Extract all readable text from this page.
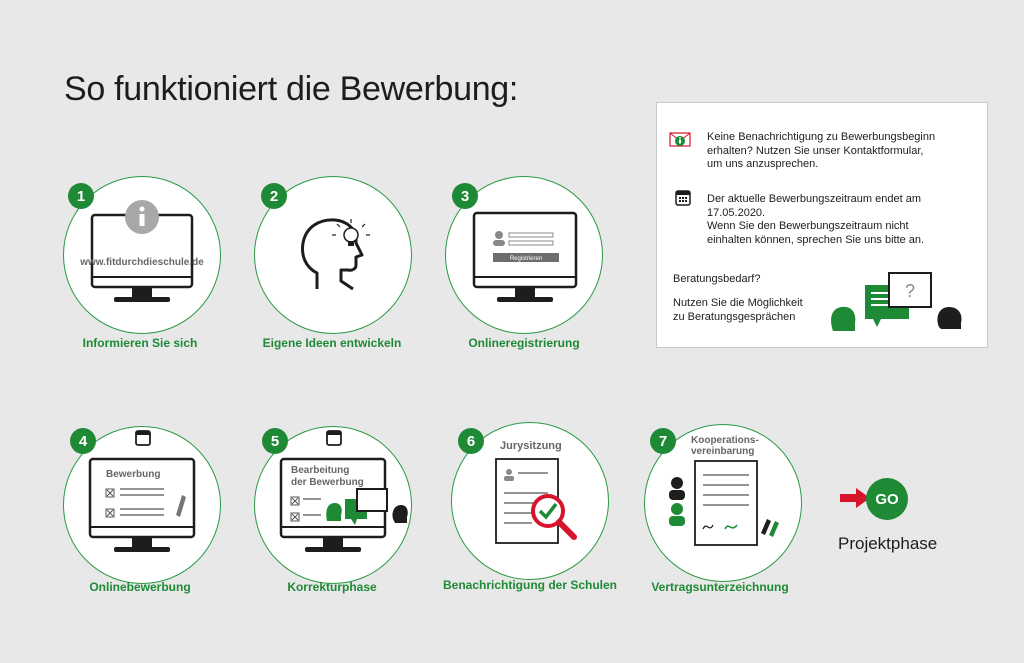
So funktioniert die Bewerbung:
www.fitdurchdieschule.de
1
Informieren Sie sich
2
Eigene Ideen entwickeln
Registrieren
3
Onlineregistrierung
Bewerbung
4
Onlinebewerbung
Bearbeitung
der Bewerbung
5
Korrekturphase
Jurysitzung
6
Benachrichtigung der Schulen
Kooperations-
vereinbarung
7
Vertragsunterzeichnung
Keine Benachrichtigung zu Bewerbungsbeginn
erhalten? Nutzen Sie unser Kontaktformular,
um uns anzusprechen.
Der aktuelle Bewerbungszeitraum endet am
17.05.2020.
Wenn Sie den Bewerbungszeitraum nicht
einhalten können, sprechen Sie uns bitte an.
Beratungsbedarf?
Nutzen Sie die Möglichkeit
zu Beratungsgesprächen
?
GO
Projektphase
